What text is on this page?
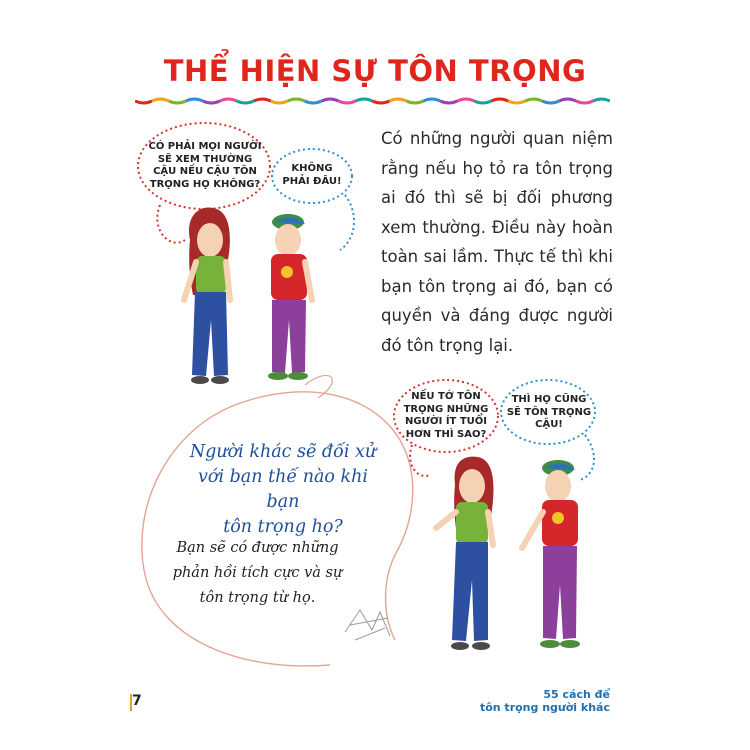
THỂ HIỆN SỰ TÔN TRỌNG

Có những người quan niệm rằng nếu họ tỏ ra tôn trọng ai đó thì sẽ bị đối phương xem thường. Điều này hoàn toàn sai lầm. Thực tế thì khi bạn tôn trọng ai đó, bạn có quyền và đáng được người đó tôn trọng lại.

CÓ PHẢI MỌI NGƯỜI
SẼ XEM THƯỜNG
CẬU NẾU CẬU TÔN
TRỌNG HỌ KHÔNG?
KHÔNG
PHẢI ĐÂU!
NẾU TỚ TÔN
TRỌNG NHỮNG
NGƯỜI ÍT TUỔI
HƠN THÌ SAO?
THÌ HỌ CŨNG
SẼ TÔN TRỌNG
CẬU!
Người khác sẽ đối xử
với bạn thế nào khi bạn
tôn trọng họ?
Bạn sẽ có được những
phản hồi tích cực và sự
tôn trọng từ họ.
7	55 cách để
tôn trọng người khác
